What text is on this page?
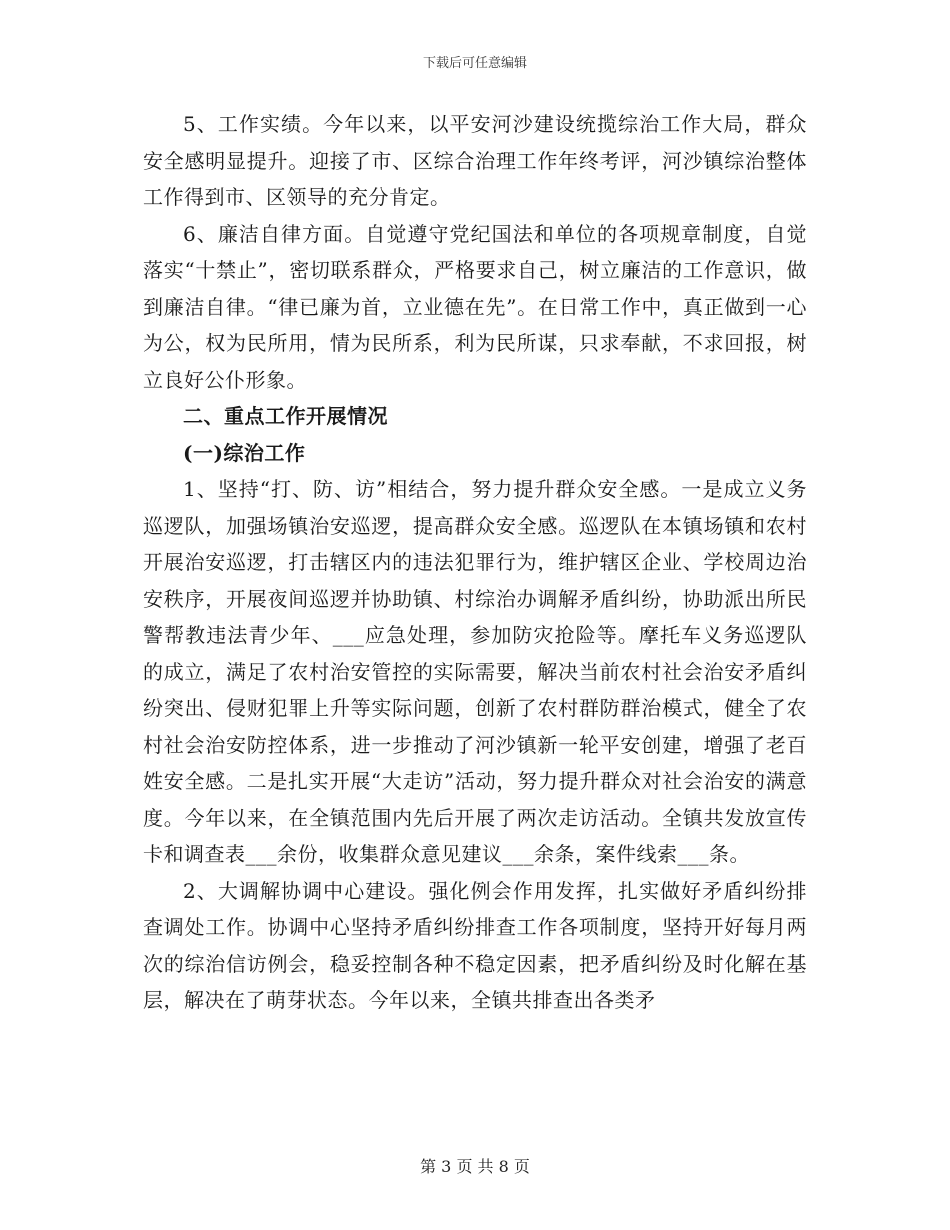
下载后可任意编辑

5、工作实绩。今年以来，以平安河沙建设统揽综治工作大局，群众安全感明显提升。迎接了市、区综合治理工作年终考评，河沙镇综治整体工作得到市、区领导的充分肯定。

6、廉洁自律方面。自觉遵守党纪国法和单位的各项规章制度，自觉落实“十禁止”，密切联系群众，严格要求自己，树立廉洁的工作意识，做到廉洁自律。“律已廉为首，立业德在先”。在日常工作中，真正做到一心为公，权为民所用，情为民所系，利为民所谋，只求奉献，不求回报，树立良好公仆形象。

二、重点工作开展情况

(一)综治工作

1、坚持“打、防、访”相结合，努力提升群众安全感。一是成立义务巡逻队，加强场镇治安巡逻，提高群众安全感。巡逻队在本镇场镇和农村开展治安巡逻，打击辖区内的违法犯罪行为，维护辖区企业、学校周边治安秩序，开展夜间巡逻并协助镇、村综治办调解矛盾纠纷，协助派出所民警帮教违法青少年、___应急处理，参加防灾抢险等。摩托车义务巡逻队的成立，满足了农村治安管控的实际需要，解决当前农村社会治安矛盾纠纷突出、侵财犯罪上升等实际问题，创新了农村群防群治模式，健全了农村社会治安防控体系，进一步推动了河沙镇新一轮平安创建，增强了老百姓安全感。二是扎实开展“大走访”活动，努力提升群众对社会治安的满意度。今年以来，在全镇范围内先后开展了两次走访活动。全镇共发放宣传卡和调查表___余份，收集群众意见建议___余条，案件线索___条。

2、大调解协调中心建设。强化例会作用发挥，扎实做好矛盾纠纷排查调处工作。协调中心坚持矛盾纠纷排查工作各项制度，坚持开好每月两次的综治信访例会，稳妥控制各种不稳定因素，把矛盾纠纷及时化解在基层，解决在了萌芽状态。今年以来，全镇共排查出各类矛

第 3 页 共 8 页
